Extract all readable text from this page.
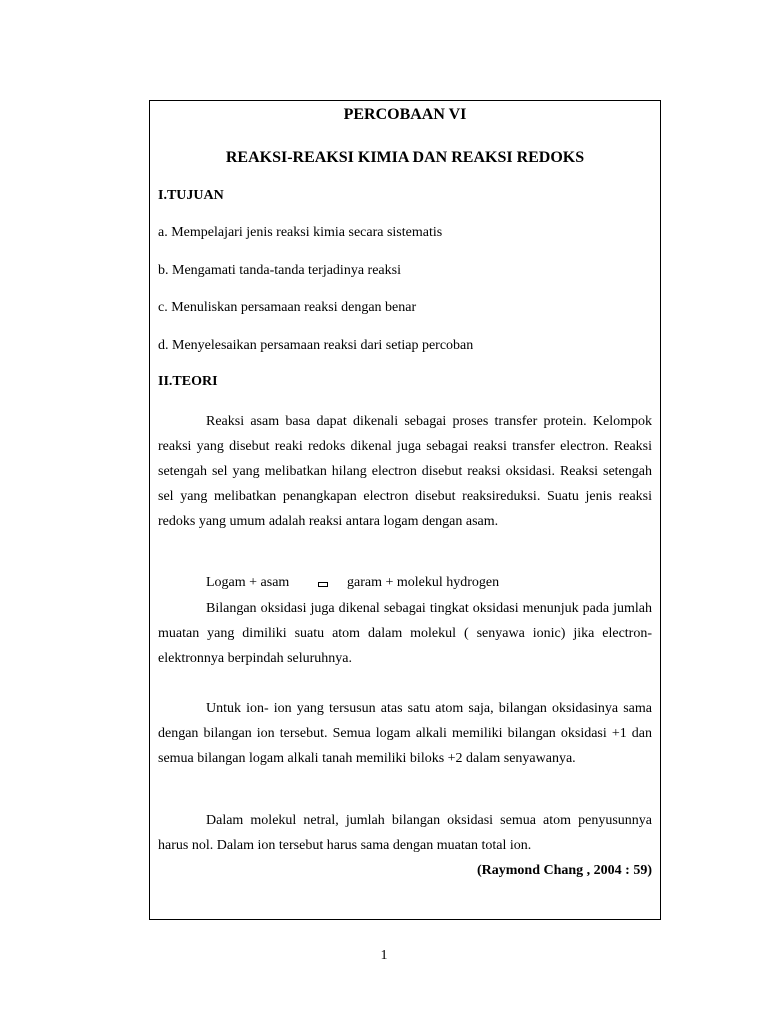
PERCOBAAN VI
REAKSI-REAKSI KIMIA DAN REAKSI REDOKS
I.TUJUAN
a. Mempelajari jenis reaksi kimia secara sistematis
b. Mengamati tanda-tanda terjadinya reaksi
c. Menuliskan persamaan reaksi dengan benar
d. Menyelesaikan persamaan reaksi dari setiap percoban
II.TEORI
Reaksi asam basa dapat dikenali sebagai proses transfer protein. Kelompok reaksi yang disebut reaki redoks dikenal juga sebagai reaksi transfer electron. Reaksi setengah sel yang melibatkan hilang electron disebut reaksi oksidasi. Reaksi setengah sel yang melibatkan penangkapan electron disebut reaksireduksi. Suatu jenis reaksi redoks yang umum adalah reaksi antara logam dengan asam.
Logam + asam	garam + molekul hydrogen
Bilangan oksidasi juga dikenal sebagai tingkat oksidasi menunjuk pada jumlah muatan yang dimiliki suatu atom dalam molekul ( senyawa ionic) jika electron- elektronnya berpindah seluruhnya.
Untuk ion- ion yang tersusun atas satu atom saja, bilangan oksidasinya sama dengan bilangan ion tersebut. Semua logam alkali memiliki bilangan oksidasi +1 dan semua bilangan logam alkali tanah memiliki biloks +2 dalam senyawanya.
Dalam molekul netral, jumlah bilangan oksidasi semua atom penyusunnya harus nol. Dalam ion tersebut harus sama dengan muatan total ion.
(Raymond Chang , 2004 : 59)
1
